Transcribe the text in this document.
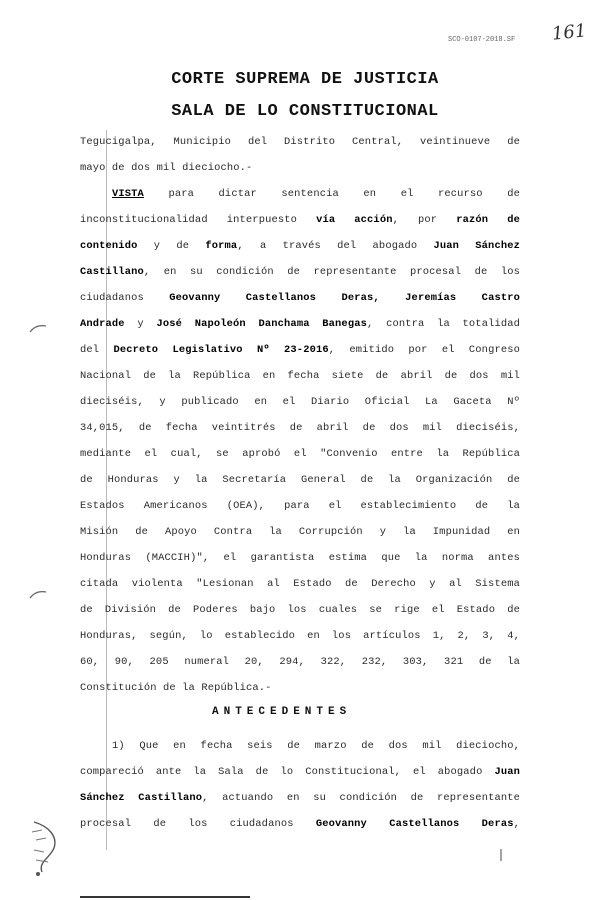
SCO-0107-2018.SF 161
CORTE SUPREMA DE JUSTICIA
SALA DE LO CONSTITUCIONAL
Tegucigalpa, Municipio del Distrito Central, veintinueve de
mayo de dos mil dieciocho.-
VISTA para dictar sentencia en el recurso de
inconstitucionalidad interpuesto vía acción, por razón de
contenido y de forma, a través del abogado Juan Sánchez
Castillano, en su condición de representante procesal de los
ciudadanos Geovanny Castellanos Deras, Jeremías Castro
Andrade y José Napoleón Danchama Banegas, contra la totalidad
del Decreto Legislativo Nº 23-2016, emitido por el Congreso
Nacional de la República en fecha siete de abril de dos mil
dieciséis, y publicado en el Diario Oficial La Gaceta Nº
34,015, de fecha veintitrés de abril de dos mil dieciséis,
mediante el cual, se aprobó el "Convenio entre la República
de Honduras y la Secretaría General de la Organización de
Estados Americanos (OEA), para el establecimiento de la
Misión de Apoyo Contra la Corrupción y la Impunidad en
Honduras (MACCIH)", el garantista estima que la norma antes
citada violenta "Lesionan al Estado de Derecho y al Sistema
de División de Poderes bajo los cuales se rige el Estado de
Honduras, según, lo establecido en los artículos 1, 2, 3, 4,
60, 90, 205 numeral 20, 294, 322, 232, 303, 321 de la
Constitución de la República.-
ANTECEDENTES
1) Que en fecha seis de marzo de dos mil dieciocho,
compareció ante la Sala de lo Constitucional, el abogado Juan
Sánchez Castillano, actuando en su condición de representante
procesal de los ciudadanos Geovanny Castellanos Deras,
